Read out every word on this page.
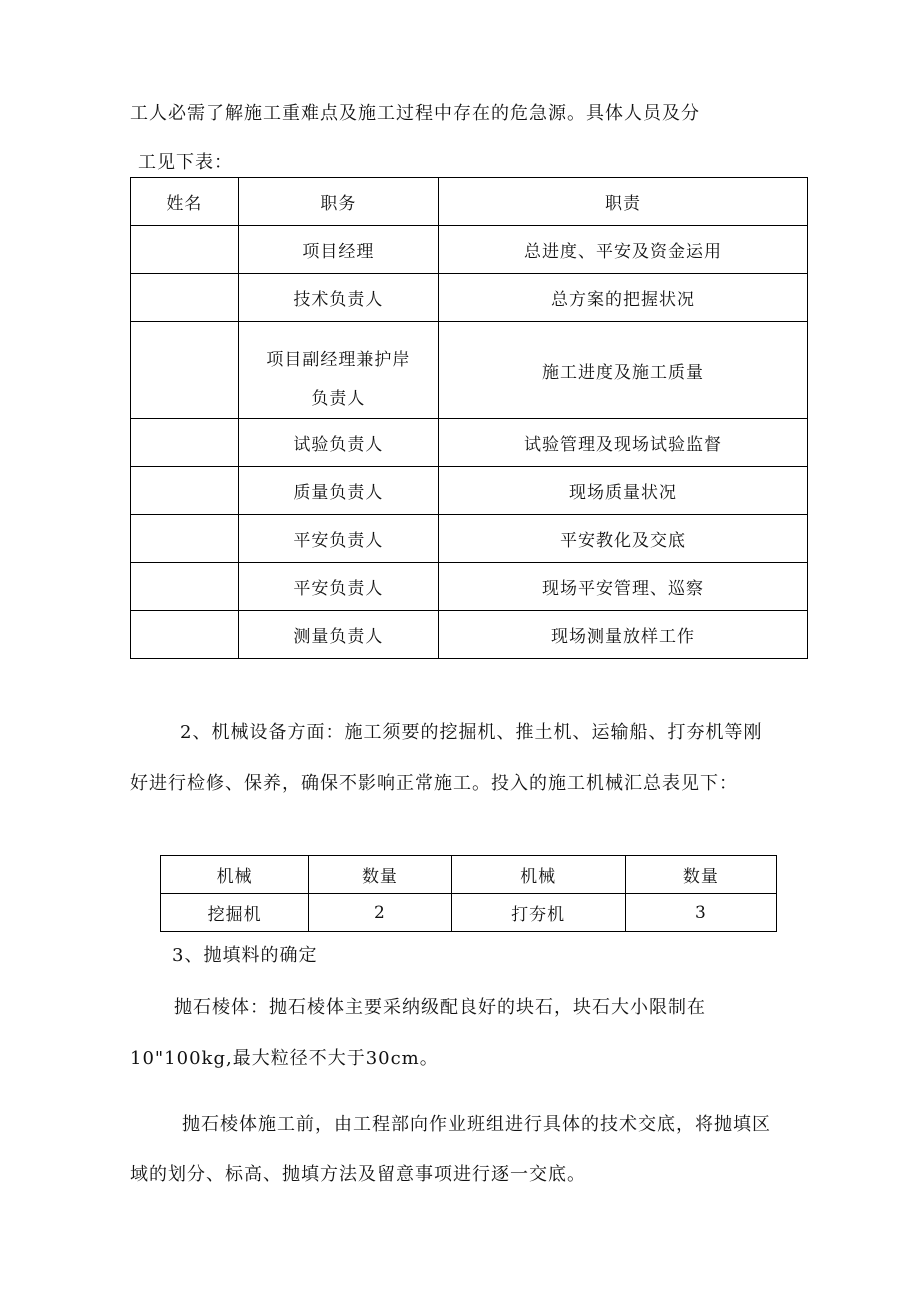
工人必需了解施工重难点及施工过程中存在的危急源。具体人员及分
工见下表：
姓名	职务	职责
	项目经理	总进度、平安及资金运用
	技术负责人	总方案的把握状况

	项目副经理兼护岸
负责人	施工进度及施工质量
	试验负责人	试验管理及现场试验监督
	质量负责人	现场质量状况
	平安负责人	平安教化及交底
	平安负责人	现场平安管理、巡察
	测量负责人	现场测量放样工作
2、机械设备方面：施工须要的挖掘机、推土机、运输船、打夯机等刚
好进行检修、保养，确保不影响正常施工。投入的施工机械汇总表见下：
机械	数量	机械	数量
挖掘机	2	打夯机	3
3、抛填料的确定
抛石棱体：抛石棱体主要采纳级配良好的块石，块石大小限制在
10"100kg,最大粒径不大于30cm。
抛石棱体施工前，由工程部向作业班组进行具体的技术交底，将抛填区
域的划分、标高、抛填方法及留意事项进行逐一交底。
